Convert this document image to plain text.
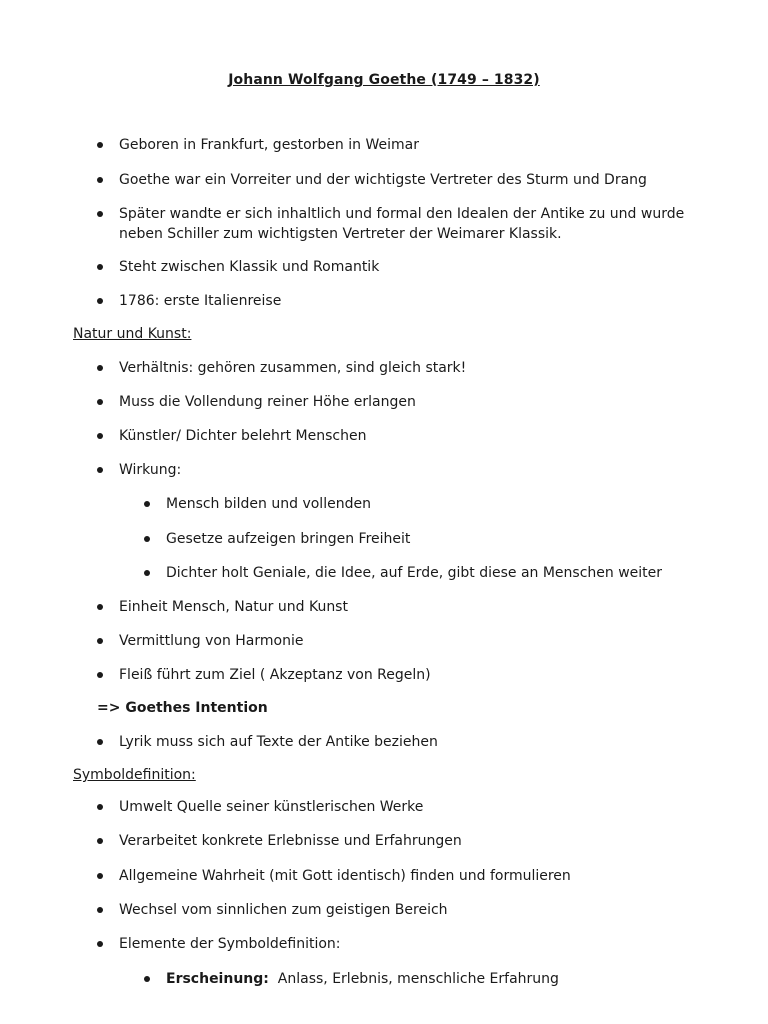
Johann Wolfgang Goethe (1749 – 1832)
Geboren in Frankfurt, gestorben in Weimar
Goethe war ein Vorreiter und der wichtigste Vertreter des Sturm und Drang
Später wandte er sich inhaltlich und formal den Idealen der Antike zu und wurde
neben Schiller zum wichtigsten Vertreter der Weimarer Klassik.
Steht zwischen Klassik und Romantik
1786: erste Italienreise
Natur und Kunst:
Verhältnis: gehören zusammen, sind gleich stark!
Muss die Vollendung reiner Höhe erlangen
Künstler/ Dichter belehrt Menschen
Wirkung:
Mensch bilden und vollenden
Gesetze aufzeigen bringen Freiheit
Dichter holt Geniale, die Idee, auf Erde, gibt diese an Menschen weiter
Einheit Mensch, Natur und Kunst
Vermittlung von Harmonie
Fleiß führt zum Ziel ( Akzeptanz von Regeln)
=> Goethes Intention
Lyrik muss sich auf Texte der Antike beziehen
Symboldefinition:
Umwelt Quelle seiner künstlerischen Werke
Verarbeitet konkrete Erlebnisse und Erfahrungen
Allgemeine Wahrheit (mit Gott identisch) finden und formulieren
Wechsel vom sinnlichen zum geistigen Bereich
Elemente der Symboldefinition:
Erscheinung:  Anlass, Erlebnis, menschliche Erfahrung
